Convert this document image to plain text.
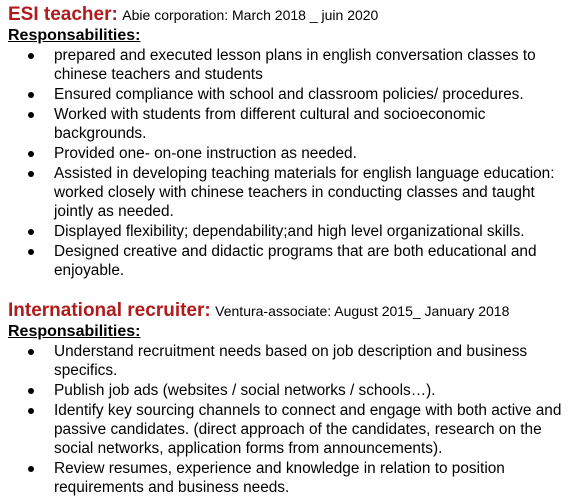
ESI teacher: Abie corporation: March 2018 _ juin 2020
Responsabilities:
prepared and executed lesson plans in english conversation classes to chinese teachers and students
Ensured compliance with school and classroom policies/ procedures.
Worked with students from different cultural and socioeconomic backgrounds.
Provided one- on-one instruction as needed.
Assisted in developing teaching materials for english language education: worked closely with chinese teachers in conducting classes and taught jointly as needed.
Displayed flexibility; dependability;and high level organizational skills.
Designed creative and didactic programs that are both educational and enjoyable.
International recruiter: Ventura-associate: August 2015_ January 2018
Responsabilities:
Understand recruitment needs based on job description and business specifics.
Publish job ads (websites / social networks / schools…).
Identify key sourcing channels to connect and engage with both active and passive candidates. (direct approach of the candidates, research on the social networks, application forms from announcements).
Review resumes, experience and knowledge in relation to position requirements and business needs.
